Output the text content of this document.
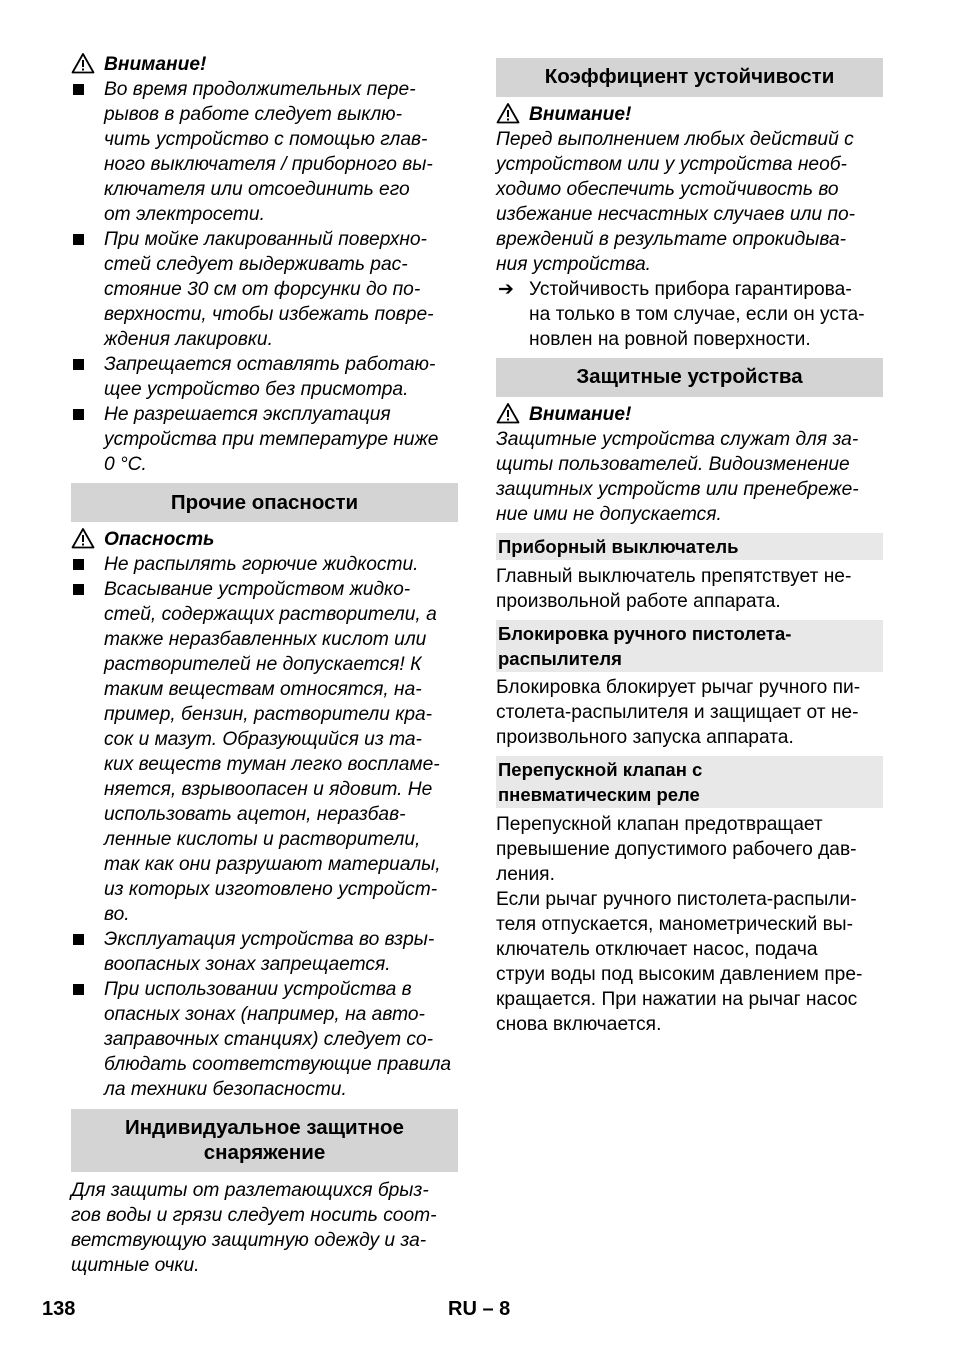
Внимание!
Во время продолжительных пере-
рывов в работе следует выклю-
чить устройство с помощью глав-
ного выключателя / приборного вы-
ключателя или отсоединить его
от электросети.
При мойке лакированный поверхно-
стей следует выдерживать рас-
стояние 30 см от форсунки до по-
верхности, чтобы избежать повре-
ждения лакировки.
Запрещается оставлять работаю-
щее устройство без присмотра.
Не разрешается эксплуатация
устройства при температуре ниже
0 °C.
Прочие опасности
Опасность
Не распылять горючие жидкости.
Всасывание устройством жидко-
стей, содержащих растворители, а
также неразбавленных кислот или
растворителей не допускается! К
таким веществам относятся, на-
пример, бензин, растворители кра-
сок и мазут. Образующийся из та-
ких веществ туман легко воспламе-
няется, взрывоопасен и ядовит. Не
использовать ацетон, неразбав-
ленные кислоты и растворители,
так как они разрушают материалы,
из которых изготовлено устройст-
во.
Эксплуатация устройства во взры-
воопасных зонах запрещается.
При использовании устройства в
опасных зонах (например, на авто-
заправочных станциях) следует со-
блюдать соответствующие правила
ла техники безопасности.
Индивидуальное защитное
снаряжение
Для защиты от разлетающихся брыз-
гов воды и грязи следует носить соот-
ветствующую защитную одежду и за-
щитные очки.
Коэффициент устойчивости
Внимание!
Перед выполнением любых действий с
устройством или у устройства необ-
ходимо обеспечить устойчивость во
избежание несчастных случаев или по-
вреждений в результате опрокидыва-
ния устройства.
➔ Устойчивость прибора гарантирова-
на только в том случае, если он уста-
новлен на ровной поверхности.
Защитные устройства
Внимание!
Защитные устройства служат для за-
щиты пользователей. Видоизменение
защитных устройств или пренебреже-
ние ими не допускается.
Приборный выключатель
Главный выключатель препятствует не-
произвольной работе аппарата.
Блокировка ручного пистолета-
распылителя
Блокировка блокирует рычаг ручного пи-
столета-распылителя и защищает от не-
произвольного запуска аппарата.
Перепускной клапан с
пневматическим реле
Перепускной клапан предотвращает
превышение допустимого рабочего дав-
ления.
Если рычаг ручного пистолета-распыли-
теля отпускается, манометрический вы-
ключатель отключает насос, подача
струи воды под высоким давлением пре-
кращается. При нажатии на рычаг насос
снова включается.
138	RU – 8
